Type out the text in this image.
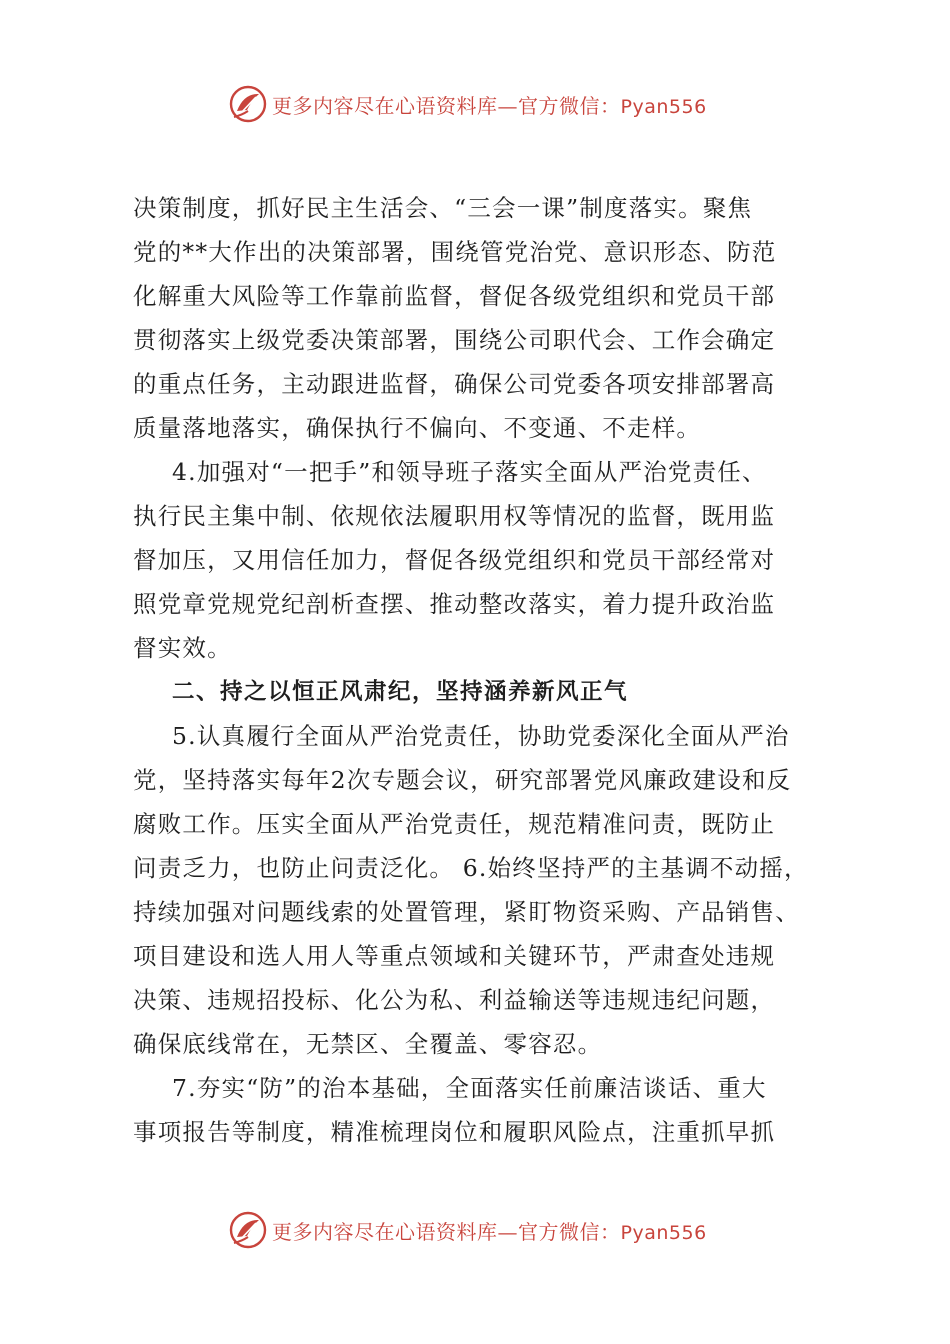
更多内容尽在心语资料库—官方微信：Pyan556
决策制度，抓好民主生活会、“三会一课”制度落实。聚焦
党的**大作出的决策部署，围绕管党治党、意识形态、防范
化解重大风险等工作靠前监督，督促各级党组织和党员干部
贯彻落实上级党委决策部署，围绕公司职代会、工作会确定
的重点任务，主动跟进监督，确保公司党委各项安排部署高
质量落地落实，确保执行不偏向、不变通、不走样。
4.加强对“一把手”和领导班子落实全面从严治党责任、
执行民主集中制、依规依法履职用权等情况的监督，既用监
督加压，又用信任加力，督促各级党组织和党员干部经常对
照党章党规党纪剖析查摆、推动整改落实，着力提升政治监
督实效。
二、持之以恒正风肃纪，坚持涵养新风正气
5.认真履行全面从严治党责任，协助党委深化全面从严治
党，坚持落实每年2次专题会议，研究部署党风廉政建设和反
腐败工作。压实全面从严治党责任，规范精准问责，既防止
问责乏力，也防止问责泛化。 6.始终坚持严的主基调不动摇，
持续加强对问题线索的处置管理，紧盯物资采购、产品销售、
项目建设和选人用人等重点领域和关键环节，严肃查处违规
决策、违规招投标、化公为私、利益输送等违规违纪问题，
确保底线常在，无禁区、全覆盖、零容忍。
7.夯实“防”的治本基础，全面落实任前廉洁谈话、重大
事项报告等制度，精准梳理岗位和履职风险点，注重抓早抓
更多内容尽在心语资料库—官方微信：Pyan556
